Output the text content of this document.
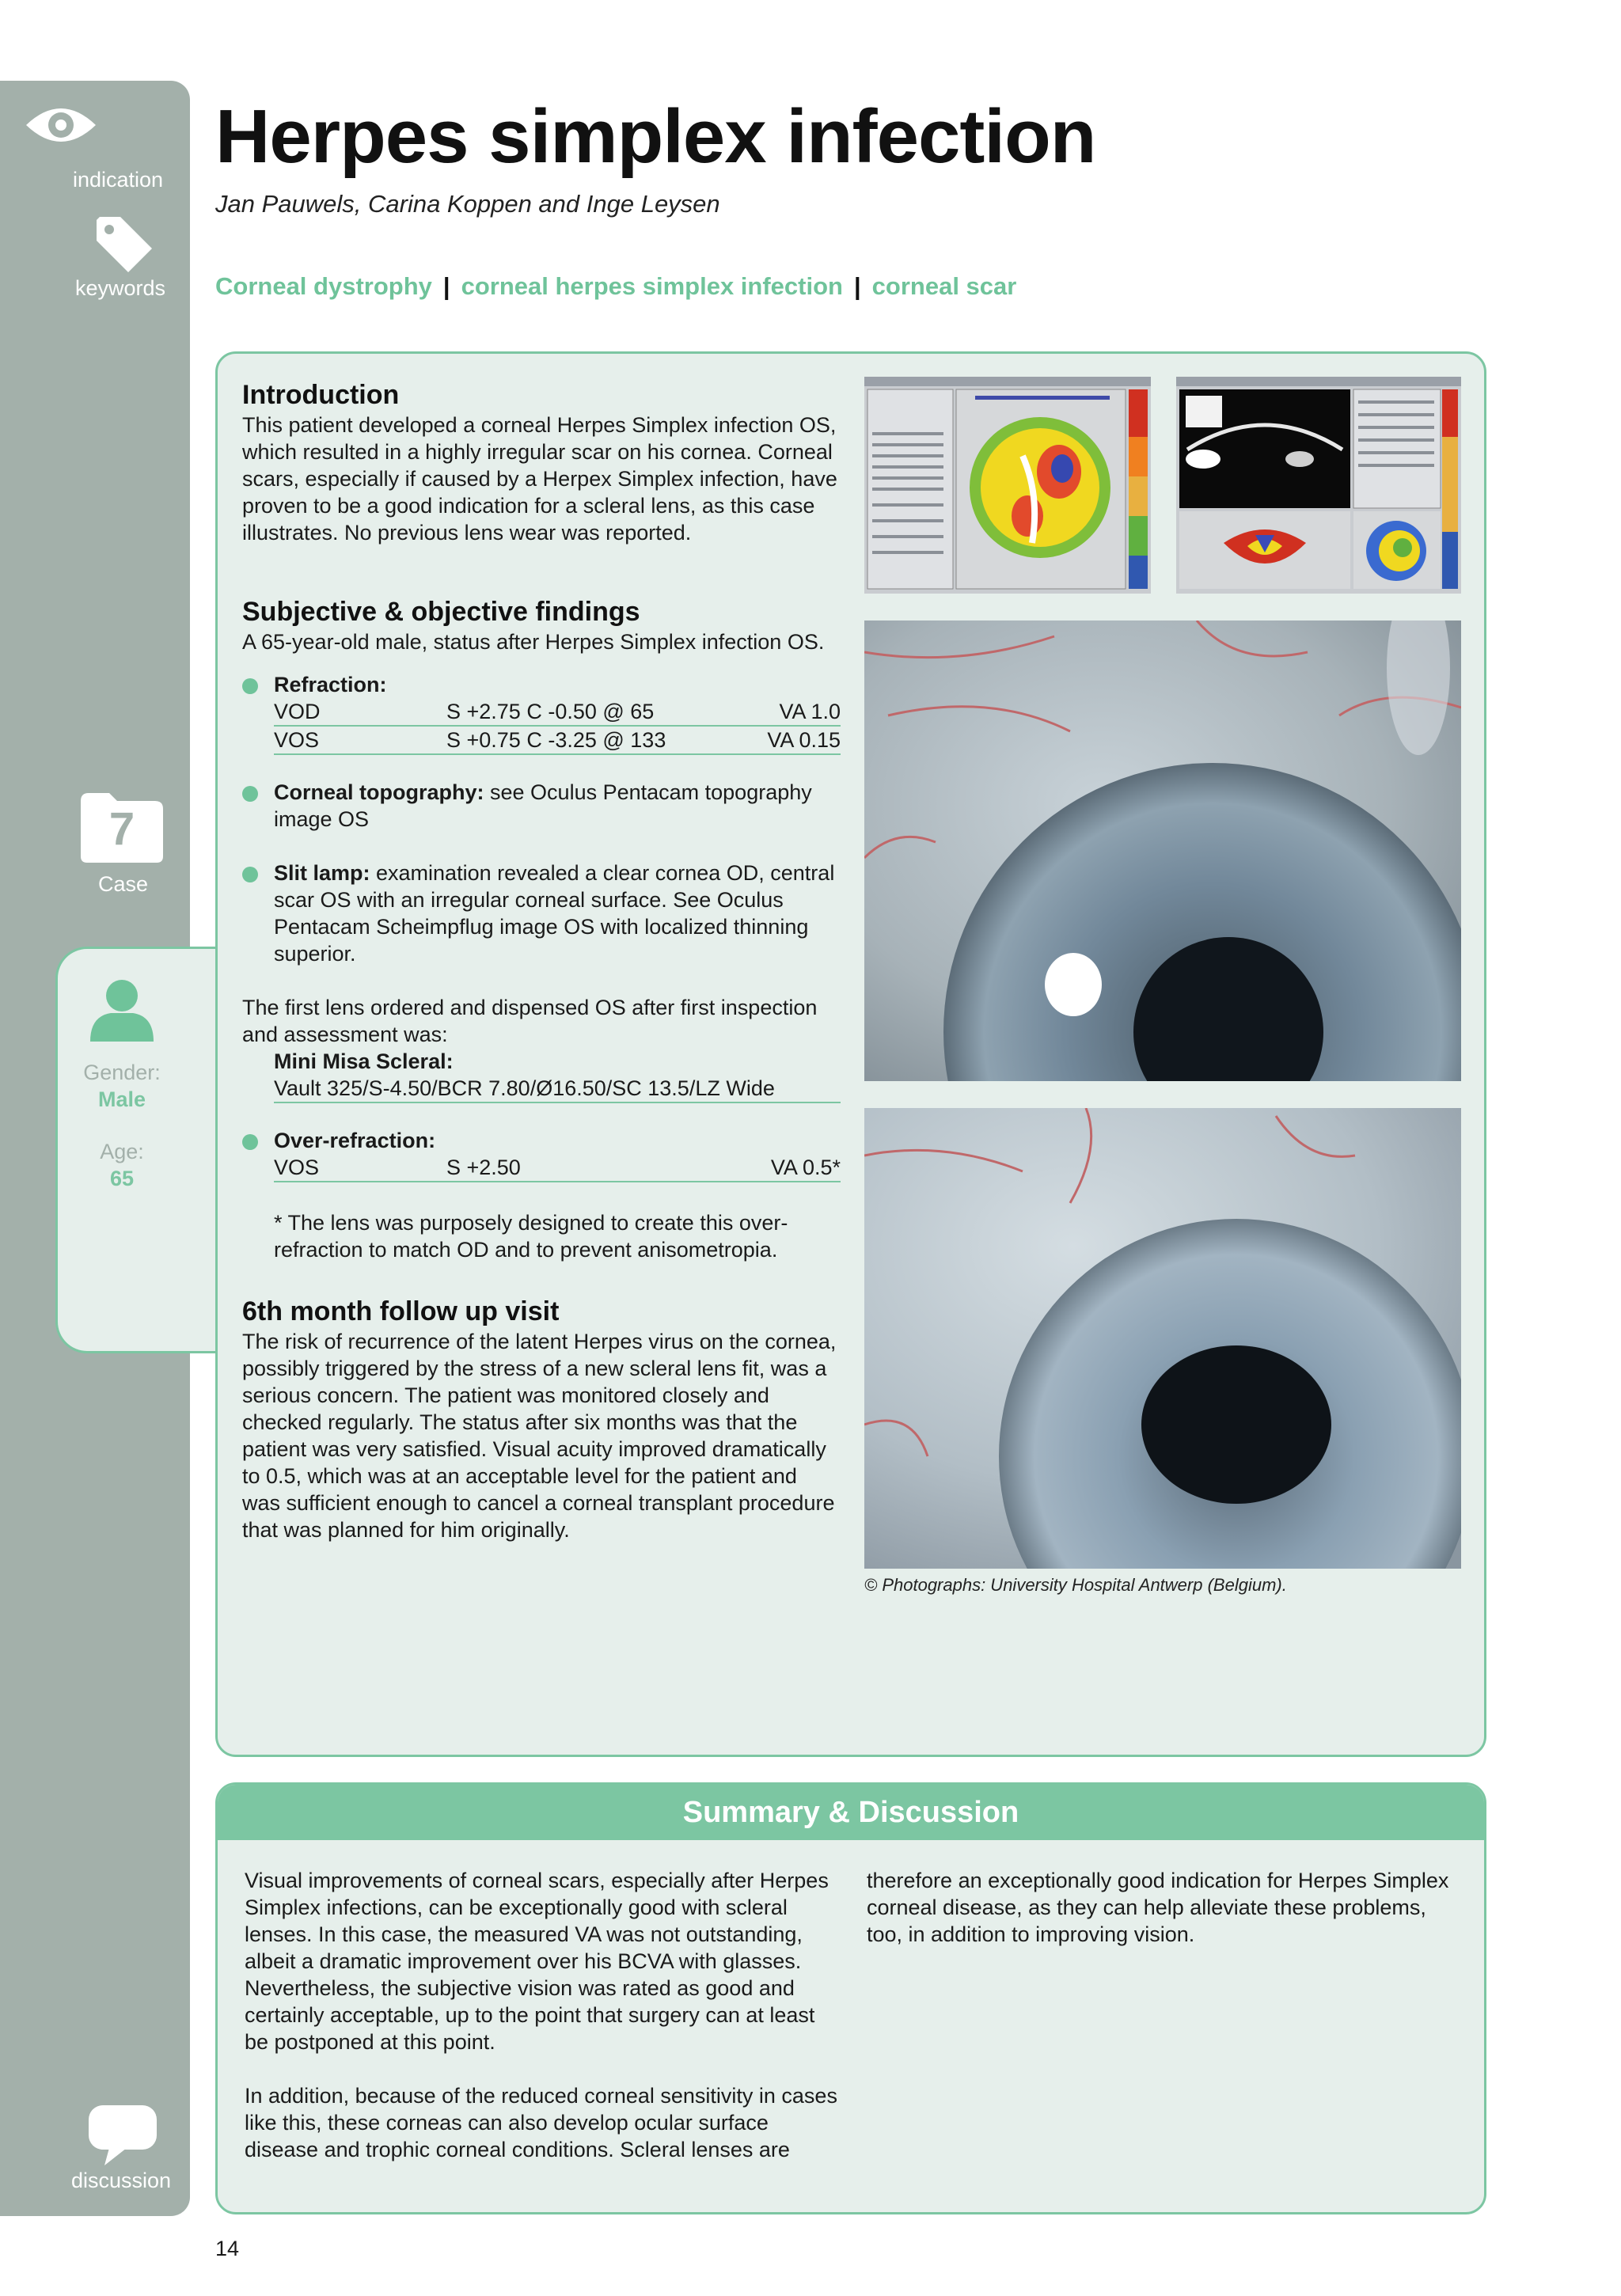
indication
keywords
7
Case
Gender:
Male
Age:
65
discussion
Herpes simplex infection
Jan Pauwels, Carina Koppen and Inge Leysen
Corneal dystrophy | corneal herpes simplex infection | corneal scar
Introduction

This patient developed a corneal Herpes Simplex infection OS, which resulted in a highly irregular scar on his cornea. Corneal scars, especially if caused by a Herpex Simplex infection, have proven to be a good indication for a scleral lens, as this case illustrates. No previous lens wear was reported.

Subjective & objective findings

A 65-year-old male, status after Herpes Simplex infection OS.

Refraction:
VOD	S +2.75 C -0.50 @ 65	VA 1.0
VOS	S +0.75 C -3.25 @ 133	VA 0.15
Corneal topography: see Oculus Pentacam topography image OS
Slit lamp: examination revealed a clear cornea OD, central scar OS with an irregular corneal surface. See Oculus Pentacam Scheimpflug image OS with localized thinning superior.

The first lens ordered and dispensed OS after first inspection and assessment was:

Mini Misa Scleral:
Vault 325/S-4.50/BCR 7.80/Ø16.50/SC 13.5/LZ Wide
Over-refraction:
VOS	S +2.50	VA 0.5*

* The lens was purposely designed to create this over-refraction to match OD and to prevent anisometropia.

6th month follow up visit

The risk of recurrence of the latent Herpes virus on the cornea, possibly triggered by the stress of a new scleral lens fit, was a serious concern. The patient was monitored closely and checked regularly. The status after six months was that the patient was very satisfied. Visual acuity improved dramatically to 0.5, which was at an acceptable level for the patient and was sufficient enough to cancel a corneal transplant procedure that was planned for him originally.

© Photographs: University Hospital Antwerp (Belgium).
Summary & Discussion

Visual improvements of corneal scars, especially after Herpes Simplex infections, can be exceptionally good with scleral lenses. In this case, the measured VA was not outstanding, albeit a dramatic improvement over his BCVA with glasses. Nevertheless, the subjective vision was rated as good and certainly acceptable, up to the point that surgery can at least be postponed at this point.

In addition, because of the reduced corneal sensitivity in cases like this, these corneas can also develop ocular surface disease and trophic corneal conditions. Scleral lenses are

therefore an exceptionally good indication for Herpes Simplex corneal disease, as they can help alleviate these problems, too, in addition to improving vision.

14
